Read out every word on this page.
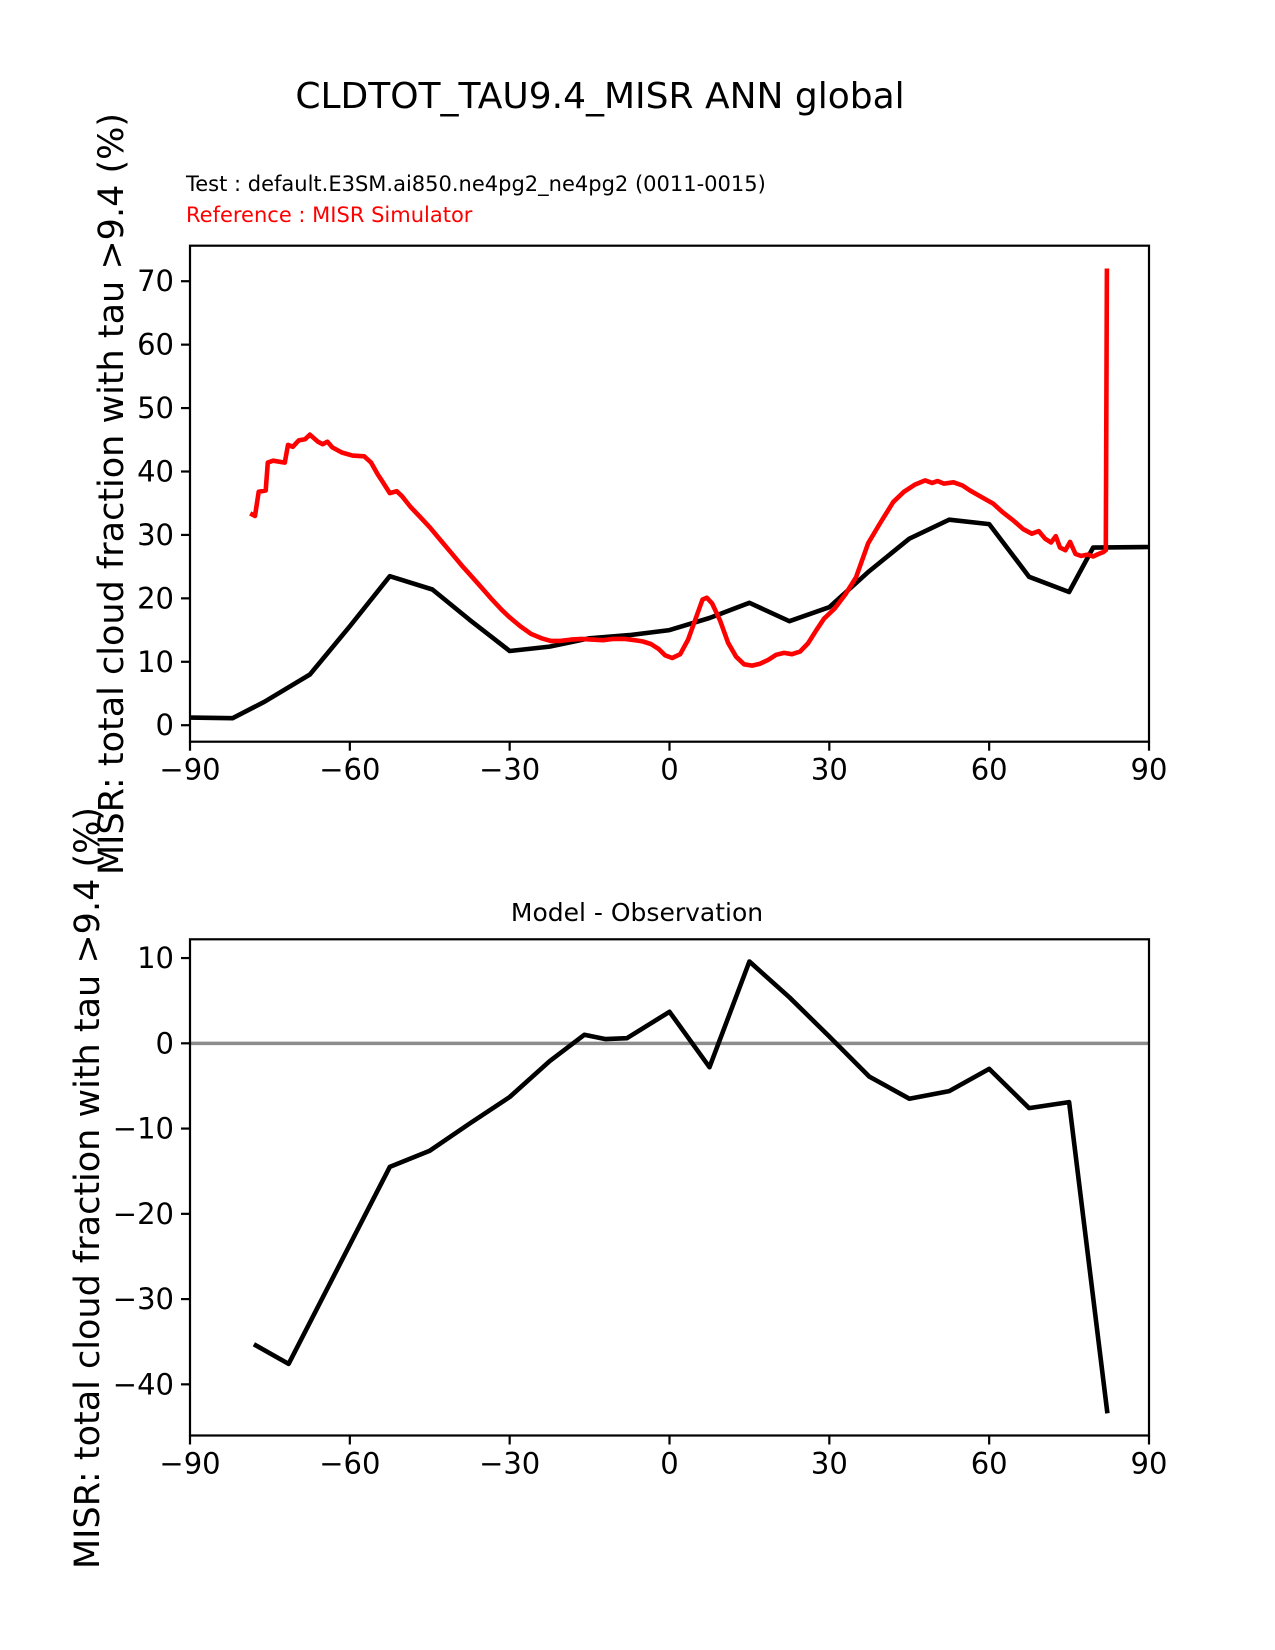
CLDTOT_TAU9.4_MISR ANN global
Test : default.E3SM.ai850.ne4pg2_ne4pg2 (0011-0015)
Reference : MISR Simulator
MISR: total cloud fraction with tau >9.4 (%)
MISR: total cloud fraction with tau >9.4 (%)	Model - Observation
−90	−60	−30	0	30	60	90
0
10
20
30
40
50
60
70
−90	−60	−30	0	30	60	90
10
0
−10
−20
−30
−40
